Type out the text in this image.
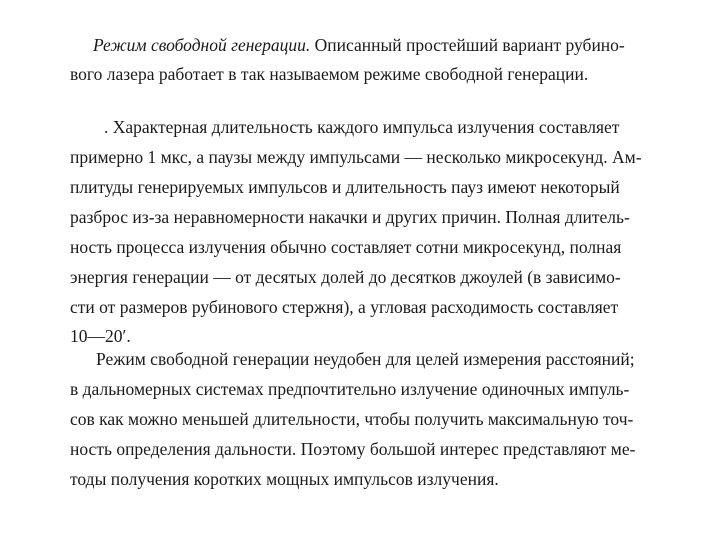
Режим свободной генерации. Описанный простейший вариант рубино-
вого лазера работает в так называемом режиме свободной генерации.
. Характерная длительность каждого импульса излучения составляет
примерно 1 мкс, а паузы между импульсами — несколько микросекунд. Ам-
плитуды генерируемых импульсов и длительность пауз имеют некоторый
разброс из-за неравномерности накачки и других причин. Полная длитель-
ность процесса излучения обычно составляет сотни микросекунд, полная
энергия генерации — от десятых долей до десятков джоулей (в зависимо-
сти от размеров рубинового стержня), а угловая расходимость составляет
10—20′.
Режим свободной генерации неудобен для целей измерения расстояний;
в дальномерных системах предпочтительно излучение одиночных импуль-
сов как можно меньшей длительности, чтобы получить максимальную точ-
ность определения дальности. Поэтому большой интерес представляют ме-
тоды получения коротких мощных импульсов излучения.
